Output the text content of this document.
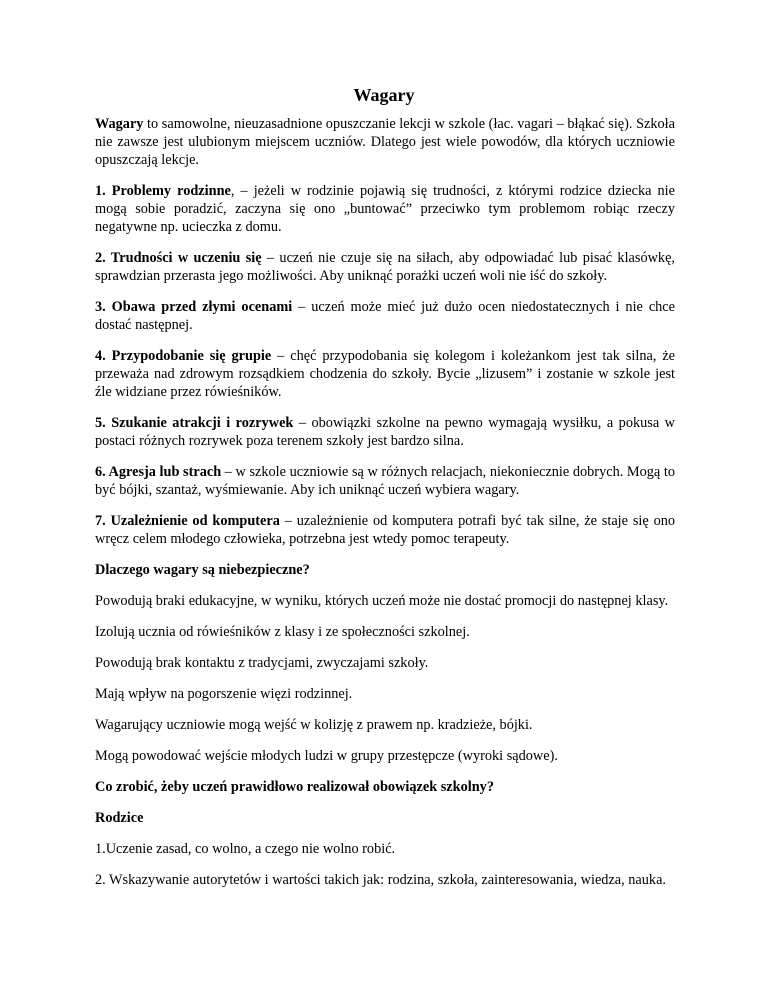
Wagary

Wagary to samowolne, nieuzasadnione opuszczanie lekcji w szkole (łac. vagari – błąkać się). Szkoła nie zawsze jest ulubionym miejscem uczniów. Dlatego jest wiele powodów, dla których uczniowie opuszczają lekcje.

1. Problemy rodzinne, – jeżeli w rodzinie pojawią się trudności, z którymi rodzice dziecka nie mogą sobie poradzić, zaczyna się ono „buntować” przeciwko tym problemom robiąc rzeczy negatywne np. ucieczka z domu.

2. Trudności w uczeniu się – uczeń nie czuje się na siłach, aby odpowiadać lub pisać klasówkę, sprawdzian przerasta jego możliwości. Aby uniknąć porażki uczeń woli nie iść do szkoły.

3. Obawa przed złymi ocenami – uczeń może mieć już dużo ocen niedostatecznych i nie chce dostać następnej.

4. Przypodobanie się grupie – chęć przypodobania się kolegom i koleżankom jest tak silna, że przeważa nad zdrowym rozsądkiem chodzenia do szkoły. Bycie „lizusem” i zostanie w szkole jest źle widziane przez rówieśników.

5. Szukanie atrakcji i rozrywek – obowiązki szkolne na pewno wymagają wysiłku, a pokusa w postaci różnych rozrywek poza terenem szkoły jest bardzo silna.

6. Agresja lub strach – w szkole uczniowie są w różnych relacjach, niekoniecznie dobrych. Mogą to być bójki, szantaż, wyśmiewanie. Aby ich uniknąć uczeń wybiera wagary.

7. Uzależnienie od komputera – uzależnienie od komputera potrafi być tak silne, że staje się ono wręcz celem młodego człowieka, potrzebna jest wtedy pomoc terapeuty.

Dlaczego wagary są niebezpieczne?

Powodują braki edukacyjne, w wyniku, których uczeń może nie dostać promocji do następnej klasy.

Izolują ucznia od rówieśników z klasy i ze społeczności szkolnej.

Powodują brak kontaktu z tradycjami, zwyczajami szkoły.

Mają wpływ na pogorszenie więzi rodzinnej.

Wagarujący uczniowie mogą wejść w kolizję z prawem np. kradzieże, bójki.

Mogą powodować wejście młodych ludzi w grupy przestępcze (wyroki sądowe).

Co zrobić, żeby uczeń prawidłowo realizował obowiązek szkolny?

Rodzice

1.Uczenie zasad, co wolno, a czego nie wolno robić.

2. Wskazywanie autorytetów i wartości takich jak: rodzina, szkoła, zainteresowania, wiedza, nauka.
